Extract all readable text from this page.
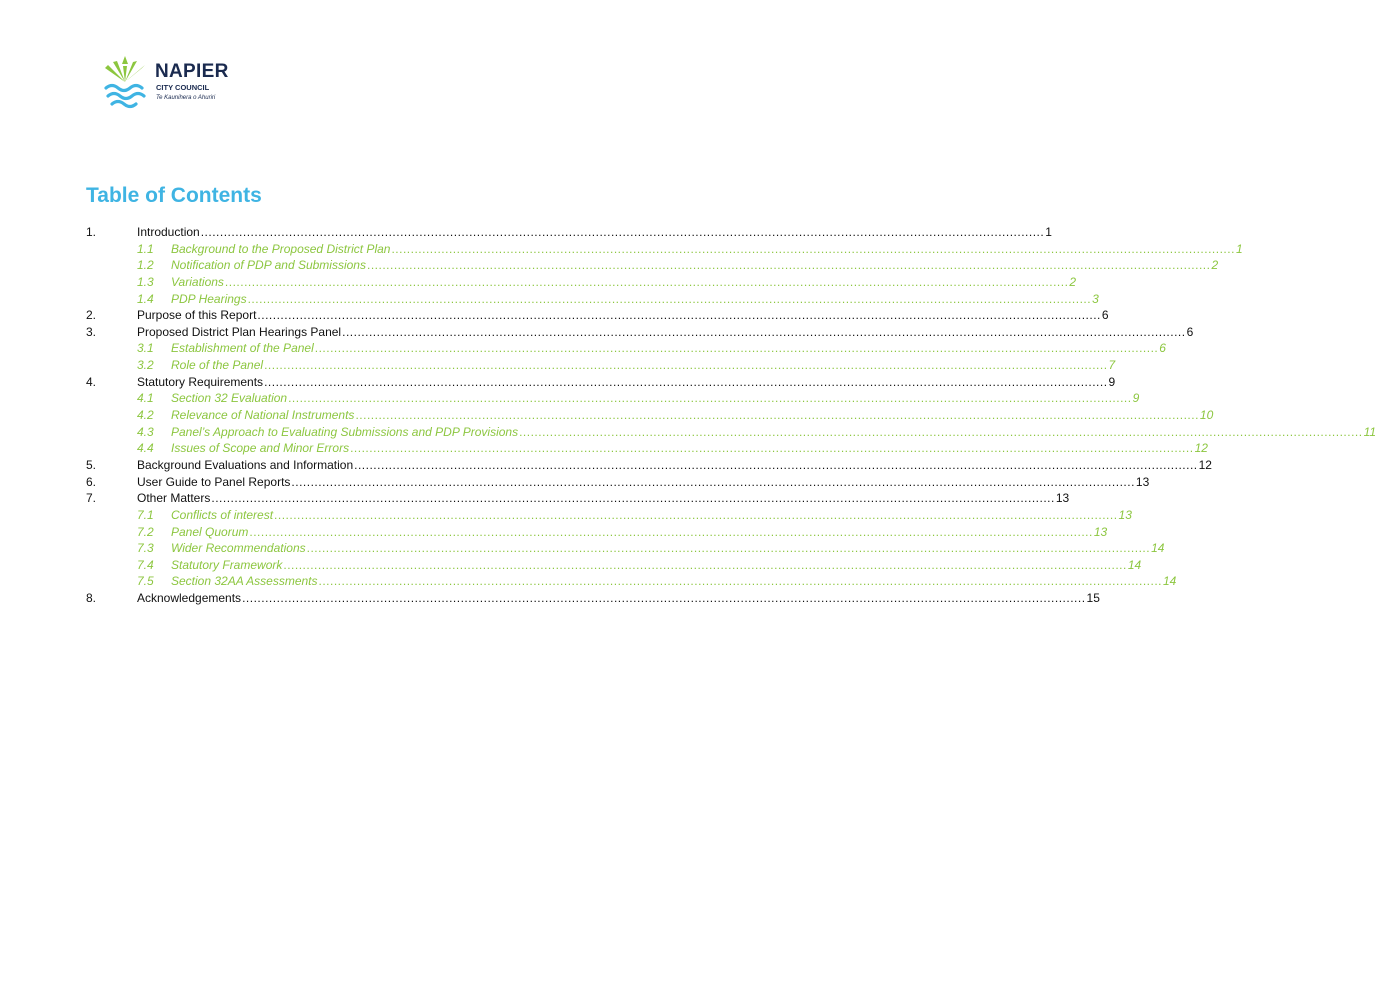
NAPIER
CITY COUNCIL
Te Kaunihera o Ahuriri
Table of Contents
1.	Introduction ............................................................................................................................................................................................................................ 1
1.1	Background to the Proposed District Plan ............................................................................................................................................................................................................................ 1
1.2	Notification of PDP and Submissions ............................................................................................................................................................................................................................ 2
1.3	Variations ............................................................................................................................................................................................................................ 2
1.4	PDP Hearings ............................................................................................................................................................................................................................ 3
2.	Purpose of this Report ............................................................................................................................................................................................................................ 6
3.	Proposed District Plan Hearings Panel ............................................................................................................................................................................................................................ 6
3.1	Establishment of the Panel ............................................................................................................................................................................................................................ 6
3.2	Role of the Panel ............................................................................................................................................................................................................................ 7
4.	Statutory Requirements ............................................................................................................................................................................................................................ 9
4.1	Section 32 Evaluation ............................................................................................................................................................................................................................ 9
4.2	Relevance of National Instruments ............................................................................................................................................................................................................................ 10
4.3	Panel’s Approach to Evaluating Submissions and PDP Provisions ............................................................................................................................................................................................................................ 11
4.4	Issues of Scope and Minor Errors ............................................................................................................................................................................................................................ 12
5.	Background Evaluations and Information ............................................................................................................................................................................................................................ 12
6.	User Guide to Panel Reports ............................................................................................................................................................................................................................ 13
7.	Other Matters ............................................................................................................................................................................................................................ 13
7.1	Conflicts of interest ............................................................................................................................................................................................................................ 13
7.2	Panel Quorum ............................................................................................................................................................................................................................ 13
7.3	Wider Recommendations ............................................................................................................................................................................................................................ 14
7.4	Statutory Framework ............................................................................................................................................................................................................................ 14
7.5	Section 32AA Assessments ............................................................................................................................................................................................................................ 14
8.	Acknowledgements ............................................................................................................................................................................................................................ 15
